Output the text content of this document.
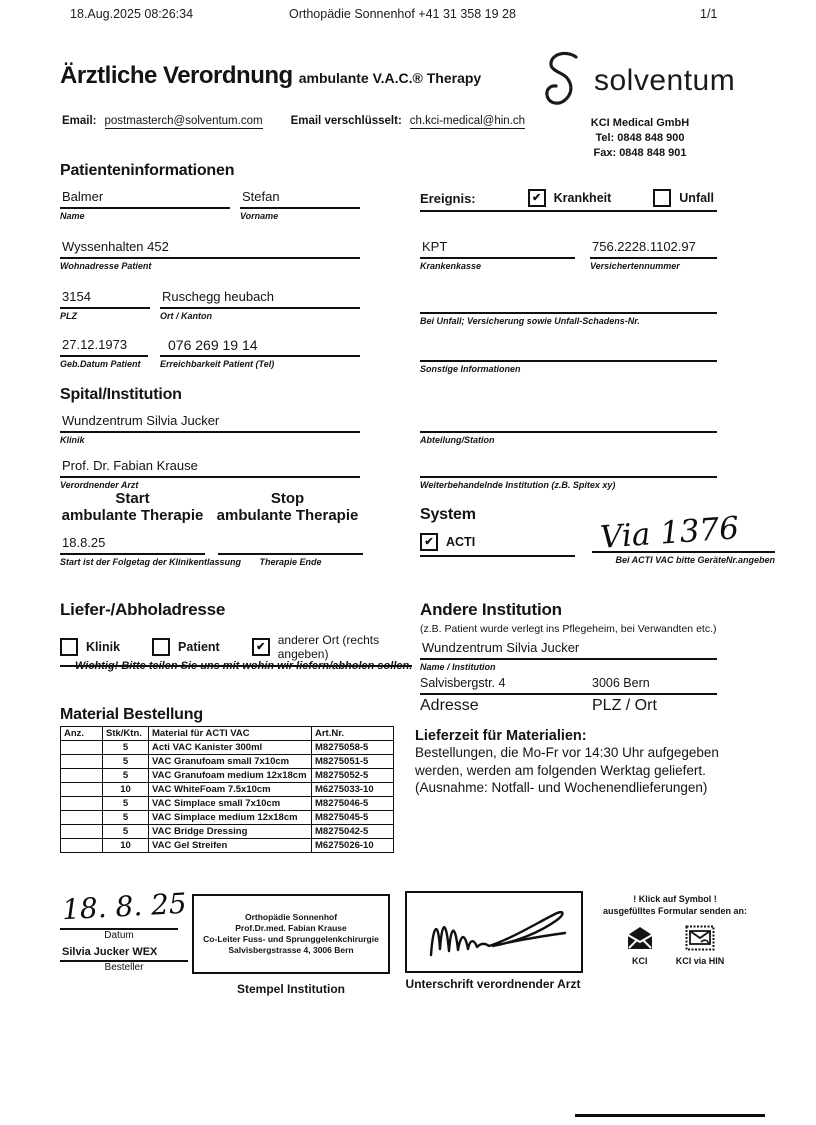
18.Aug.2025 08:26:34	Orthopädie Sonnenhof +41 31 358 19 28	1/1
Ärztliche Verordnung ambulante V.A.C.® Therapy	solventum
Email: postmasterch@solventum.com Email verschlüsselt: ch.kci-medical@hin.ch	KCI Medical GmbH
Tel: 0848 848 900
Fax: 0848 848 901
Patienteninformationen
Balmer
Name
Stefan
Vorname
Ereignis: ✔	Krankheit	Unfall
Wyssenhalten 452
Wohnadresse Patient
KPT
Krankenkasse
756.2228.1102.97
Versichertennummer
3154
PLZ
Ruschegg heubach
Ort / Kanton	Bei Unfall; Versicherung sowie Unfall-Schadens-Nr.
27.12.1973
Geb.Datum Patient
076 269 19 14
Erreichbarkeit Patient (Tel)	Sonstige Informationen
Spital/Institution
Wundzentrum Silvia Jucker
Klinik	Abteilung/Station
Prof. Dr. Fabian Krause
Verordnender Arzt	Weiterbehandelnde Institution (z.B. Spitex xy)
Start
ambulante Therapie
Stop
ambulante Therapie
18.8.25
Start ist der Folgetag der Klinikentlassung	Therapie Ende
System
✔
ACTI	Via 1376
Bei ACTI VAC bitte GeräteNr.angeben
Liefer-/Abholadresse
Klinik	Patient ✔	anderer Ort (rechts angeben)
Wichtig! Bitte teilen Sie uns mit wohin wir liefern/abholen sollen.
Andere Institution
(z.B. Patient wurde verlegt ins Pflegeheim, bei Verwandten etc.)
Wundzentrum Silvia Jucker
Name / Institution
Salvisbergstr. 4	3006 Bern
Adresse	PLZ / Ort
Material Bestellung
Anz.	Stk/Ktn.	Material für ACTI VAC	Art.Nr.
	5	Acti VAC Kanister 300ml	M8275058-5
	5	VAC Granufoam small 7x10cm	M8275051-5
	5	VAC Granufoam medium 12x18cm	M8275052-5
	10	VAC WhiteFoam 7.5x10cm	M6275033-10
	5	VAC Simplace small 7x10cm	M8275046-5
	5	VAC Simplace medium 12x18cm	M8275045-5
	5	VAC Bridge Dressing	M8275042-5
	10	VAC Gel Streifen	M6275026-10
Lieferzeit für Materialien:
Bestellungen, die Mo-Fr vor 14:30 Uhr aufgegeben
werden, werden am folgenden Werktag geliefert.
(Ausnahme: Notfall- und Wochenendlieferungen)
18. 8. 25
Datum
Silvia Jucker WEX
Besteller
Orthopädie Sonnenhof
Prof.Dr.med. Fabian Krause
Co-Leiter Fuss- und Sprunggelenkchirurgie
Salvisbergstrasse 4, 3006 Bern
Stempel Institution	Unterschrift verordnender Arzt
! Klick auf Symbol !
ausgefülltes Formular senden an:
KCI	KCI via HIN
